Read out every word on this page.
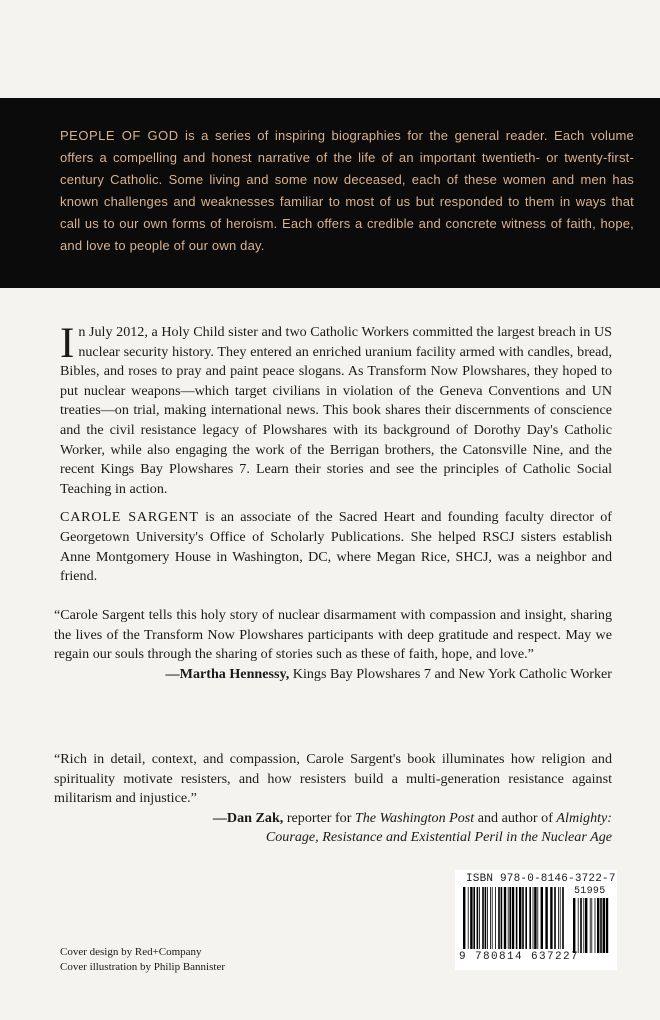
PEOPLE OF GOD is a series of inspiring biographies for the general reader. Each volume offers a compelling and honest narrative of the life of an important twentieth- or twenty-first-century Catholic. Some living and some now deceased, each of these women and men has known challenges and weaknesses familiar to most of us but responded to them in ways that call us to our own forms of heroism. Each offers a credible and concrete witness of faith, hope, and love to people of our own day.

In July 2012, a Holy Child sister and two Catholic Workers committed the largest breach in US nuclear security history. They entered an enriched uranium facility armed with candles, bread, Bibles, and roses to pray and paint peace slogans. As Transform Now Plowshares, they hoped to put nuclear weapons—which target civilians in violation of the Geneva Conventions and UN treaties—on trial, making international news. This book shares their discernments of conscience and the civil resistance legacy of Plowshares with its background of Dorothy Day's Catholic Worker, while also engaging the work of the Berrigan brothers, the Catonsville Nine, and the recent Kings Bay Plowshares 7. Learn their stories and see the principles of Catholic Social Teaching in action.

CAROLE SARGENT is an associate of the Sacred Heart and founding faculty director of Georgetown University's Office of Scholarly Publications. She helped RSCJ sisters establish Anne Montgomery House in Washington, DC, where Megan Rice, SHCJ, was a neighbor and friend.

“Carole Sargent tells this holy story of nuclear disarmament with compassion and insight, sharing the lives of the Transform Now Plowshares participants with deep gratitude and respect. May we regain our souls through the sharing of stories such as these of faith, hope, and love.”

—Martha Hennessy, Kings Bay Plowshares 7 and New York Catholic Worker

“Rich in detail, context, and compassion, Carole Sargent's book illuminates how religion and spirituality motivate resisters, and how resisters build a multi-generation resistance against militarism and injustice.”

—Dan Zak, reporter for The Washington Post and author of Almighty:
Courage, Resistance and Existential Peril in the Nuclear Age

Cover design by Red+Company
Cover illustration by Philip Bannister
ISBN 978-0-8146-3722-7
51995
9 780814 637227
